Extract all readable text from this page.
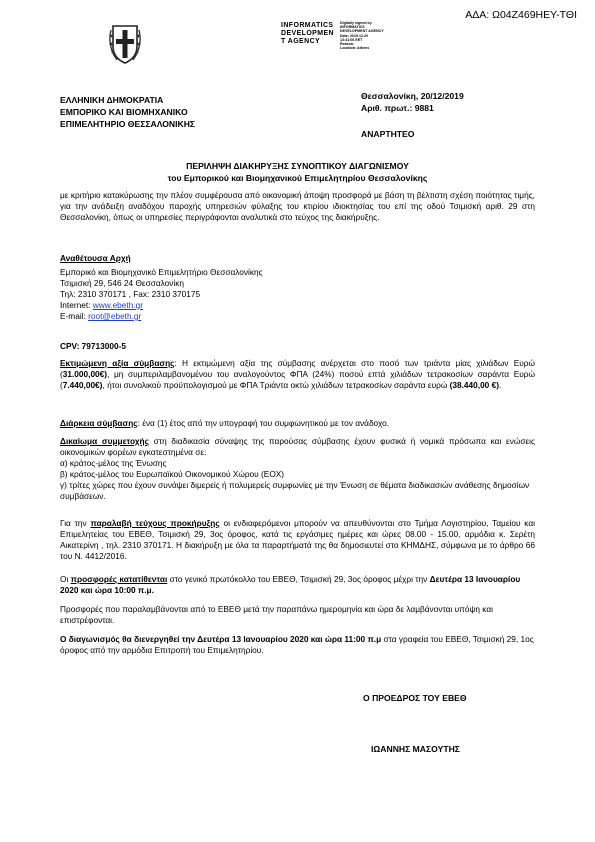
ΑΔΑ: Ω04Ζ469ΗΕΥ-ΤΘΙ
INFORMATICS
DEVELOPMEN
T AGENCY
Digitally signed by
INFORMATICS
DEVELOPMENT AGENCY
Date: 2019.12.20
13:41:06 EET
Reason:
Location: Athens
ΕΛΛΗΝΙΚΗ ΔΗΜΟΚΡΑΤΙΑ
ΕΜΠΟΡΙΚΟ ΚΑΙ ΒΙΟΜΗΧΑΝΙΚΟ
ΕΠΙΜΕΛΗΤΗΡΙΟ ΘΕΣΣΑΛΟΝΙΚΗΣ
Θεσσαλονίκη, 20/12/2019
Αριθ. πρωτ.: 9881
ΑΝΑΡΤΗΤΕΟ
ΠΕΡΙΛΗΨΗ ΔΙΑΚΗΡΥΞΗΣ ΣΥΝΟΠΤΙΚΟΥ ΔΙΑΓΩΝΙΣΜΟΥ
του Εμπορικού και Βιομηχανικού Επιμελητηρίου Θεσσαλονίκης
με κριτήριο κατακύρωσης την πλέον συμφέρουσα από οικονομική άποψη προσφορά με βάση τη βέλτιστη σχέση ποιότητας τιμής, για την ανάδειξη αναδόχου παροχής υπηρεσιών φύλαξης του κτιρίου ιδιοκτησίας του επί της οδού Τσιμισκή αριθ. 29 στη Θεσσαλονίκη, όπως οι υπηρεσίες περιγράφονται αναλυτικά στο τεύχος της διακήρυξης.
Αναθέτουσα Αρχή
Εμπορικό και Βιομηχανικό Επιμελητήριο Θεσσαλονίκης
Τσιμισκή 29, 546 24 Θεσσαλονίκη
Τηλ: 2310 370171 , Fax: 2310 370175
Internet: www.ebeth.gr
E-mail: root@ebeth.gr
CPV: 79713000-5
Εκτιμώμενη αξία σύμβασης: Η εκτιμώμενη αξία της σύμβασης ανέρχεται στο ποσό των τριάντα μίας χιλιάδων Ευρώ (31.000,00€), μη συμπεριλαμβανομένου του αναλογούντος ΦΠΑ (24%) ποσού επτά χιλιάδων τετρακοσίων σαράντα Ευρώ (7.440,00€), ήτοι συνολικού προϋπολογισμού με ΦΠΑ Τριάντα οκτώ χιλιάδων τετρακοσίων σαράντα ευρώ (38.440,00 €).
Διάρκεια σύμβασης: ένα (1) έτος από την υπογραφή του συμφωνητικού με τον ανάδοχο.
Δικαίωμα συμμετοχής στη διαδικασία σύναψης της παρούσας σύμβασης έχουν φυσικά ή νομικά πρόσωπα και ενώσεις οικονομικών φορέων εγκατεστημένα σε:
α) κράτος-μέλος της Ένωσης
β) κράτος-μέλος του Ευρωπαϊκού Οικονομικού Χώρου (ΕΟΧ)
γ) τρίτες χώρες που έχουν συνάψει διμερείς ή πολυμερείς συμφωνίες με την Ένωση σε θέματα διαδικασιών ανάθεσης δημοσίων συμβάσεων.
Για την παραλαβή τεύχους προκήρυξης οι ενδιαφερόμενοι μπορούν να απευθύνονται στο Τμήμα Λογιστηρίου, Ταμείου και Επιμελητείας του ΕΒΕΘ, Τσιμισκή 29, 3ος όροφος, κατά τις εργάσιμες ημέρες και ώρες 08.00 - 15.00, αρμόδια κ. Σερέτη Αικατερίνη , τηλ. 2310 370171. Η διακήρυξη με όλα τα παραρτήματά της θα δημοσιευτεί στο ΚΗΜΔΗΣ, σύμφωνα με το άρθρο 66 του Ν. 4412/2016.
Οι προσφορές κατατίθενται στο γενικό πρωτόκολλο του ΕΒΕΘ, Τσιμισκή 29, 3ος όροφος μέχρι την Δευτέρα 13 Ιανουαρίου 2020 και ώρα 10:00 π.μ.
Προσφορές που παραλαμβάνονται από το ΕΒΕΘ μετά την παραπάνω ημερομηνία και ώρα δε λαμβάνονται υπόψη και επιστρέφονται.
Ο διαγωνισμός θα διενεργηθεί την Δευτέρα 13 Ιανουαρίου 2020 και ώρα 11:00 π.μ στα γραφεία του ΕΒΕΘ, Τσιμισκή 29, 1ος όροφος από την αρμόδια Επιτροπή του Επιμελητηρίου.
Ο ΠΡΟΕΔΡΟΣ ΤΟΥ ΕΒΕΘ
ΙΩΑΝΝΗΣ ΜΑΣΟΥΤΗΣ
